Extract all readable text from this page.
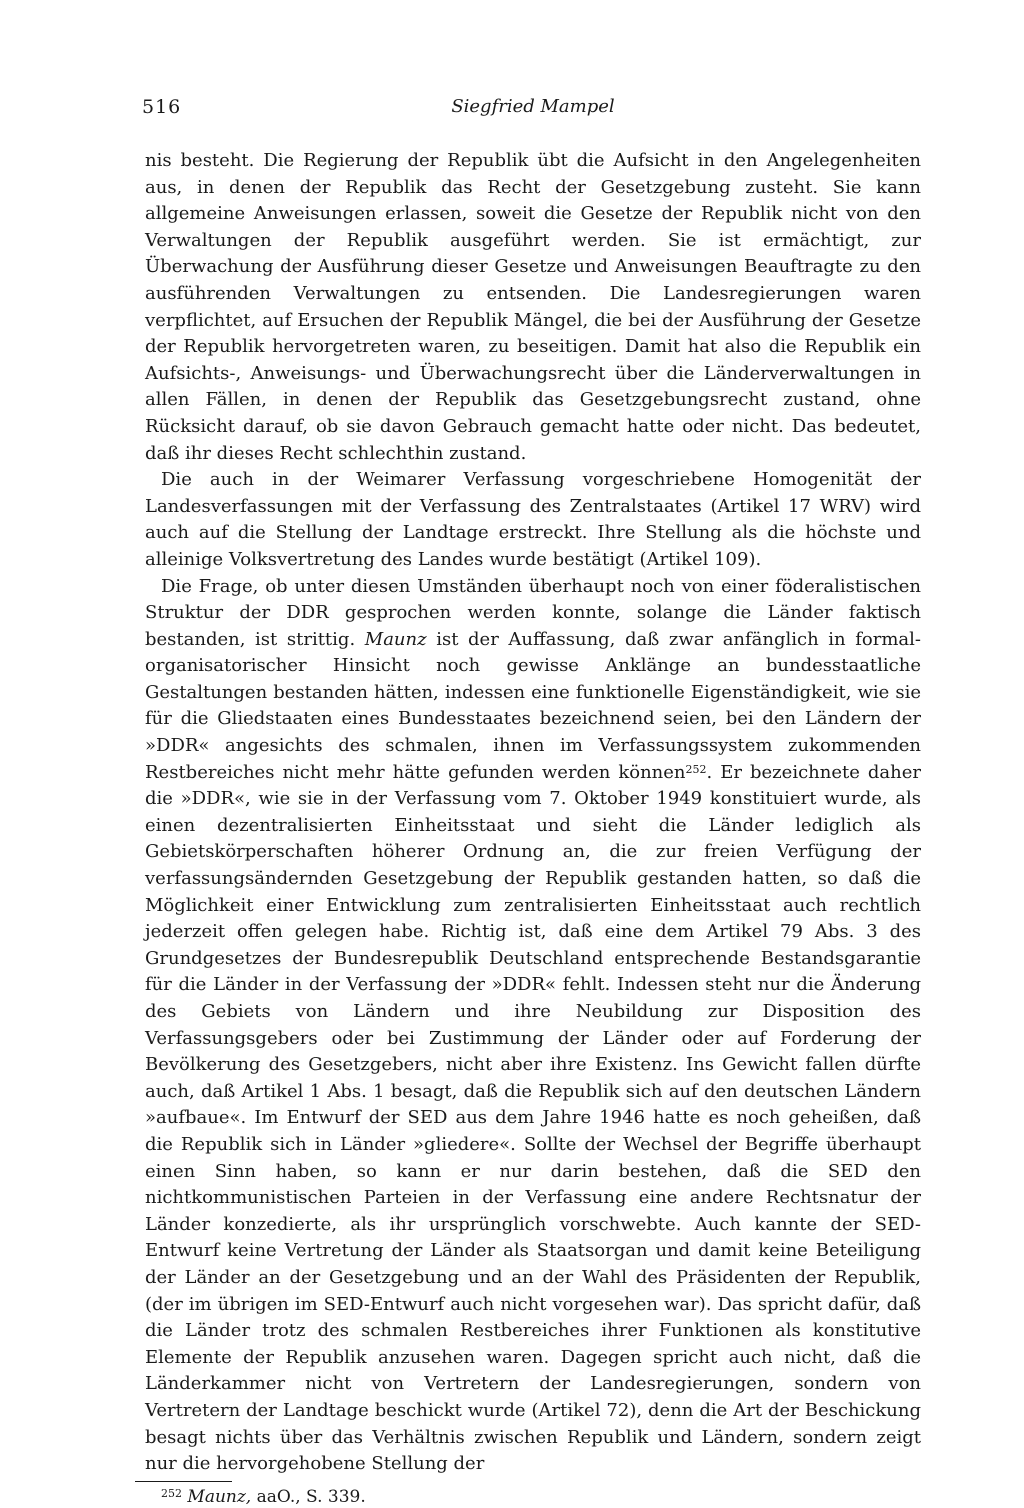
516	Siegfried Mampel

nis besteht. Die Regierung der Republik übt die Aufsicht in den Angelegenheiten aus, in denen der Republik das Recht der Gesetzgebung zusteht. Sie kann allgemeine Anweisungen erlassen, soweit die Gesetze der Republik nicht von den Verwaltungen der Republik ausgeführt werden. Sie ist ermächtigt, zur Überwachung der Ausführung dieser Gesetze und Anweisungen Beauftragte zu den ausführenden Verwaltungen zu entsenden. Die Landesregierungen waren verpflichtet, auf Ersuchen der Republik Mängel, die bei der Ausführung der Gesetze der Republik hervorgetreten waren, zu beseitigen. Damit hat also die Republik ein Aufsichts-, Anweisungs- und Überwachungsrecht über die Länderverwaltungen in allen Fällen, in denen der Republik das Gesetzgebungsrecht zustand, ohne Rücksicht darauf, ob sie davon Gebrauch gemacht hatte oder nicht. Das bedeutet, daß ihr dieses Recht schlechthin zustand.

Die auch in der Weimarer Verfassung vorgeschriebene Homogenität der Landesverfassungen mit der Verfassung des Zentralstaates (Artikel 17 WRV) wird auch auf die Stellung der Landtage erstreckt. Ihre Stellung als die höchste und alleinige Volksvertretung des Landes wurde bestätigt (Artikel 109).

Die Frage, ob unter diesen Umständen überhaupt noch von einer föderalistischen Struktur der DDR gesprochen werden konnte, solange die Länder faktisch bestanden, ist strittig. Maunz ist der Auffassung, daß zwar anfänglich in formal-organisatorischer Hinsicht noch gewisse Anklänge an bundesstaatliche Gestaltungen bestanden hätten, indessen eine funktionelle Eigenständigkeit, wie sie für die Gliedstaaten eines Bundesstaates bezeichnend seien, bei den Ländern der »DDR« angesichts des schmalen, ihnen im Verfassungssystem zukommenden Restbereiches nicht mehr hätte gefunden werden können$^{252}$. Er bezeichnete daher die »DDR«, wie sie in der Verfassung vom 7. Oktober 1949 konstituiert wurde, als einen dezentralisierten Einheitsstaat und sieht die Länder lediglich als Gebietskörperschaften höherer Ordnung an, die zur freien Verfügung der verfassungsändernden Gesetzgebung der Republik gestanden hatten, so daß die Möglichkeit einer Entwicklung zum zentralisierten Einheitsstaat auch rechtlich jederzeit offen gelegen habe. Richtig ist, daß eine dem Artikel 79 Abs. 3 des Grundgesetzes der Bundesrepublik Deutschland entsprechende Bestandsgarantie für die Länder in der Verfassung der »DDR« fehlt. Indessen steht nur die Änderung des Gebiets von Ländern und ihre Neubildung zur Disposition des Verfassungsgebers oder bei Zustimmung der Länder oder auf Forderung der Bevölkerung des Gesetzgebers, nicht aber ihre Existenz. Ins Gewicht fallen dürfte auch, daß Artikel 1 Abs. 1 besagt, daß die Republik sich auf den deutschen Ländern »aufbaue«. Im Entwurf der SED aus dem Jahre 1946 hatte es noch geheißen, daß die Republik sich in Länder »gliedere«. Sollte der Wechsel der Begriffe überhaupt einen Sinn haben, so kann er nur darin bestehen, daß die SED den nichtkommunistischen Parteien in der Verfassung eine andere Rechtsnatur der Länder konzedierte, als ihr ursprünglich vorschwebte. Auch kannte der SED-Entwurf keine Vertretung der Länder als Staatsorgan und damit keine Beteiligung der Länder an der Gesetzgebung und an der Wahl des Präsidenten der Republik, (der im übrigen im SED-Entwurf auch nicht vorgesehen war). Das spricht dafür, daß die Länder trotz des schmalen Restbereiches ihrer Funktionen als konstitutive Elemente der Republik anzusehen waren. Dagegen spricht auch nicht, daß die Länderkammer nicht von Vertretern der Landesregierungen, sondern von Vertretern der Landtage beschickt wurde (Artikel 72), denn die Art der Beschickung besagt nichts über das Verhältnis zwischen Republik und Ländern, sondern zeigt nur die hervorgehobene Stellung der

$^{252}$ Maunz, aaO., S. 339.
